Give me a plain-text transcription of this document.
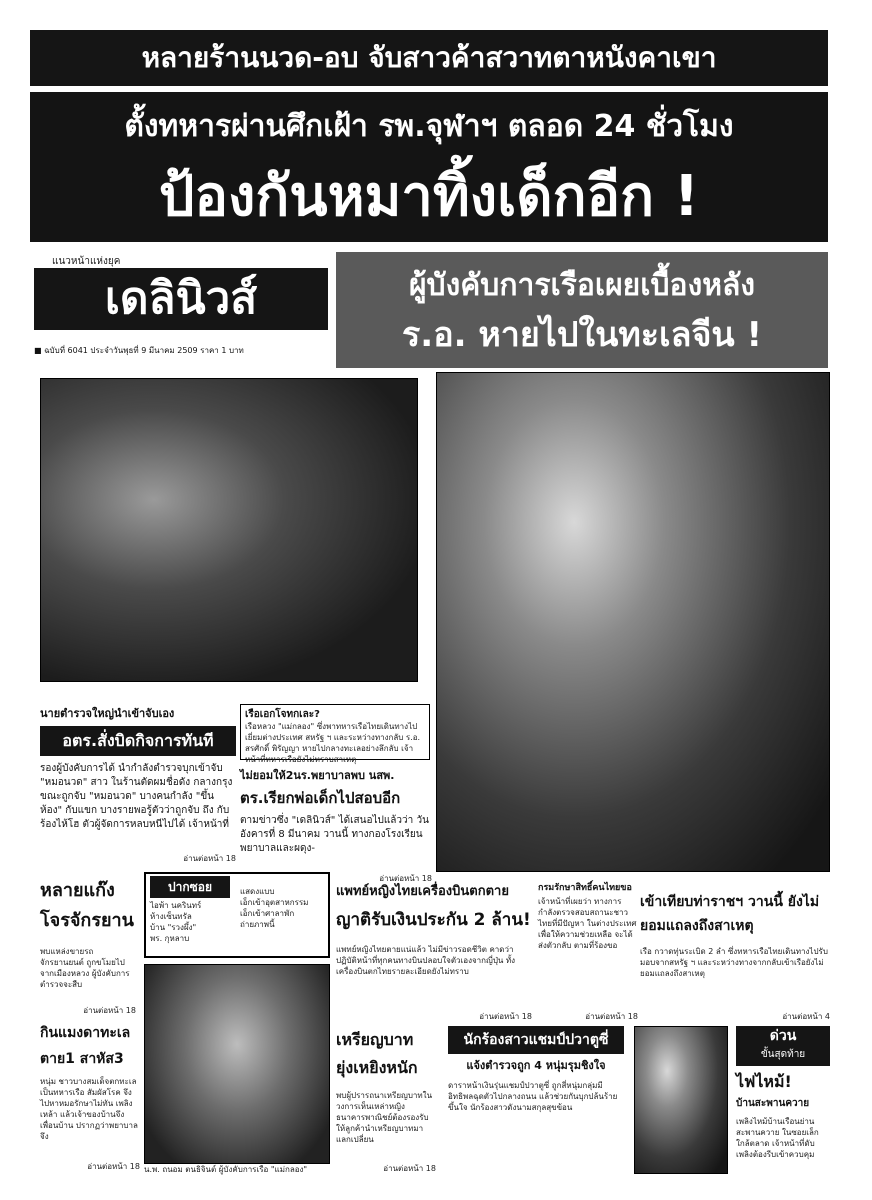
หลายร้านนวด-อบ จับสาวค้าสวาทตาหนังคาเขา
ตั้งทหารผ่านศึกเฝ้า รพ.จุฬาฯ ตลอด 24 ชั่วโมง
ป้องกันหมาทิ้งเด็กอีก !
แนวหน้าแห่งยุค
เดลินิวส์
■ ฉบับที่ 6041 ประจำวันพุธที่ 9 มีนาคม 2509 ราคา 1 บาท
ผู้บังคับการเรือเผยเบื้องหลัง
ร.อ. หายไปในทะเลจีน !
นายตำรวจใหญ่นำเข้าจับเอง
อตร.สั่งบิดกิจการทันที
รองผู้บังคับการได้ นำกำลังตำรวจบุกเข้าจับ "หมอนวด" สาว ในร้านตัดผมชื่อดัง กลางกรุง ขณะถูกจับ "หมอนวด" บางคนกำลัง "ขึ้นห้อง" กับแขก บางรายพอรู้ตัวว่าถูกจับ ถึง กับร้องไห้โฮ ตัวผู้จัดการหลบหนีไปได้ เจ้าหน้าที่
อ่านต่อหน้า 18
เรือเอกโจทกเละ?
เรือหลวง "แม่กลอง" ซึ่งพาทหารเรือไทยเดินทางไปเยี่ยมต่างประเทศ สหรัฐ ฯ และระหว่างทางกลับ ร.อ. สรศักดิ์ พิรัญญา หายไปกลางทะเลอย่างลึกลับ เจ้าหน้าที่ทหารเรือยังไม่ทราบสาเหตุ
ไม่ยอมให้2นร.พยาบาลพบ นสพ.
ตร.เรียกพ่อเด็กไปสอบอีก
ตามข่าวซึ่ง "เดลินิวส์" ได้เสนอไปแล้วว่า วันอังคารที่ 8 มีนาคม วานนี้ ทางกองโรงเรียนพยาบาลและผดุง-
อ่านต่อหน้า 18
หลายแก๊งโจรจักรยาน
พบแหล่งขายรถจักรยานยนต์ ถูกขโมยไปจากเมืองหลวง ผู้บังคับการตำรวจจะสืบ
อ่านต่อหน้า 18
กินแมงดาทะเลตาย1 สาหัส3
หนุ่ม ชาวบางสมเด็จตกทะเลเป็นทหารเรือ สัมผัสโรค จึงไปหาหมอรักษาไม่ทัน เพลิงเหล้า แล้วเจ้าของบ้านจึงเพื่อนบ้าน ปรากฏว่าพยาบาลจึง
อ่านต่อหน้า 18
ปากซอย
ไอพ้า นครินทร์
ห้างเซ็นทรัล
บ้าน "รวงผึ้ง"
พร. กุหลาบ
แสดงแบบ
เอ็กเข้าอุตสาหกรรม
เอ็กเข้าศาลาพัก
ถ่ายภาพนี้
น.พ. ถนอม ตนธิจินต์ ผู้บังคับการเรือ "แม่กลอง"
แพทย์หญิงไทยเครื่องบินตกตาย
ญาติรับเงินประกัน 2 ล้าน!
แพทย์หญิงไทยตายแน่แล้ว ไม่มีข่าวรอดชีวิต คาดว่าปฏิบัติหน้าที่ทุกคนทางบินปลอบใจตัวเองจากญี่ปุ่น ทั้งเครื่องบินตกไทยรายละเอียดยังไม่ทราบ
อ่านต่อหน้า 18
กรมรักษาสิทธิ์คนไทยขอ
เจ้าหน้าที่เผยว่า ทางการกำลังตรวจสอบสถานะชาวไทยที่มีปัญหา ในต่างประเทศ เพื่อให้ความช่วยเหลือ จะได้ส่งตัวกลับ ตามที่ร้องขอ
อ่านต่อหน้า 18
เข้าเทียบท่าราชฯ วานนี้ ยังไม่ยอมแถลงถึงสาเหตุ
เรือ กวาดทุ่นระเบิด 2 ลำ ซึ่งทหารเรือไทยเดินทางไปรับมอบจากสหรัฐ ฯ และระหว่างทางจากกลับเข้าเรือยังไม่ยอมแถลงถึงสาเหตุ
อ่านต่อหน้า 4
เหรียญบาท ยุ่งเหยิงหนัก
พบผู้ปรารถนาเหรียญบาทในวงการเห็นเหล่าหญิง ธนาคารพาณิชย์ต้องรองรับให้ลูกค้านำเหรียญบาทมาแลกเปลี่ยน
อ่านต่อหน้า 18
นักร้องสาวแชมป์ปวาตูซี่
แจ้งตำรวจถูก 4 หนุ่มรุมชิงใจ
ดาราหน้าเงินรุ่นแชมป์ปวาตูซี่ ถูกสี่หนุ่มกลุ่มมีอิทธิพลฉุดตัวไปกลางถนน แล้วช่วยกันบุกปล้นร้ายขึ้นใจ นักร้องสาวดังนามสกุลสุขข้อน
ด่วน
ขั้นสุดท้าย
ไฟไหม้!
บ้านสะพานควาย
เพลิงไหม้บ้านเรือนย่านสะพานควาย ในซอยเล็กใกล้ตลาด เจ้าหน้าที่ดับเพลิงต้องรีบเข้าควบคุม
